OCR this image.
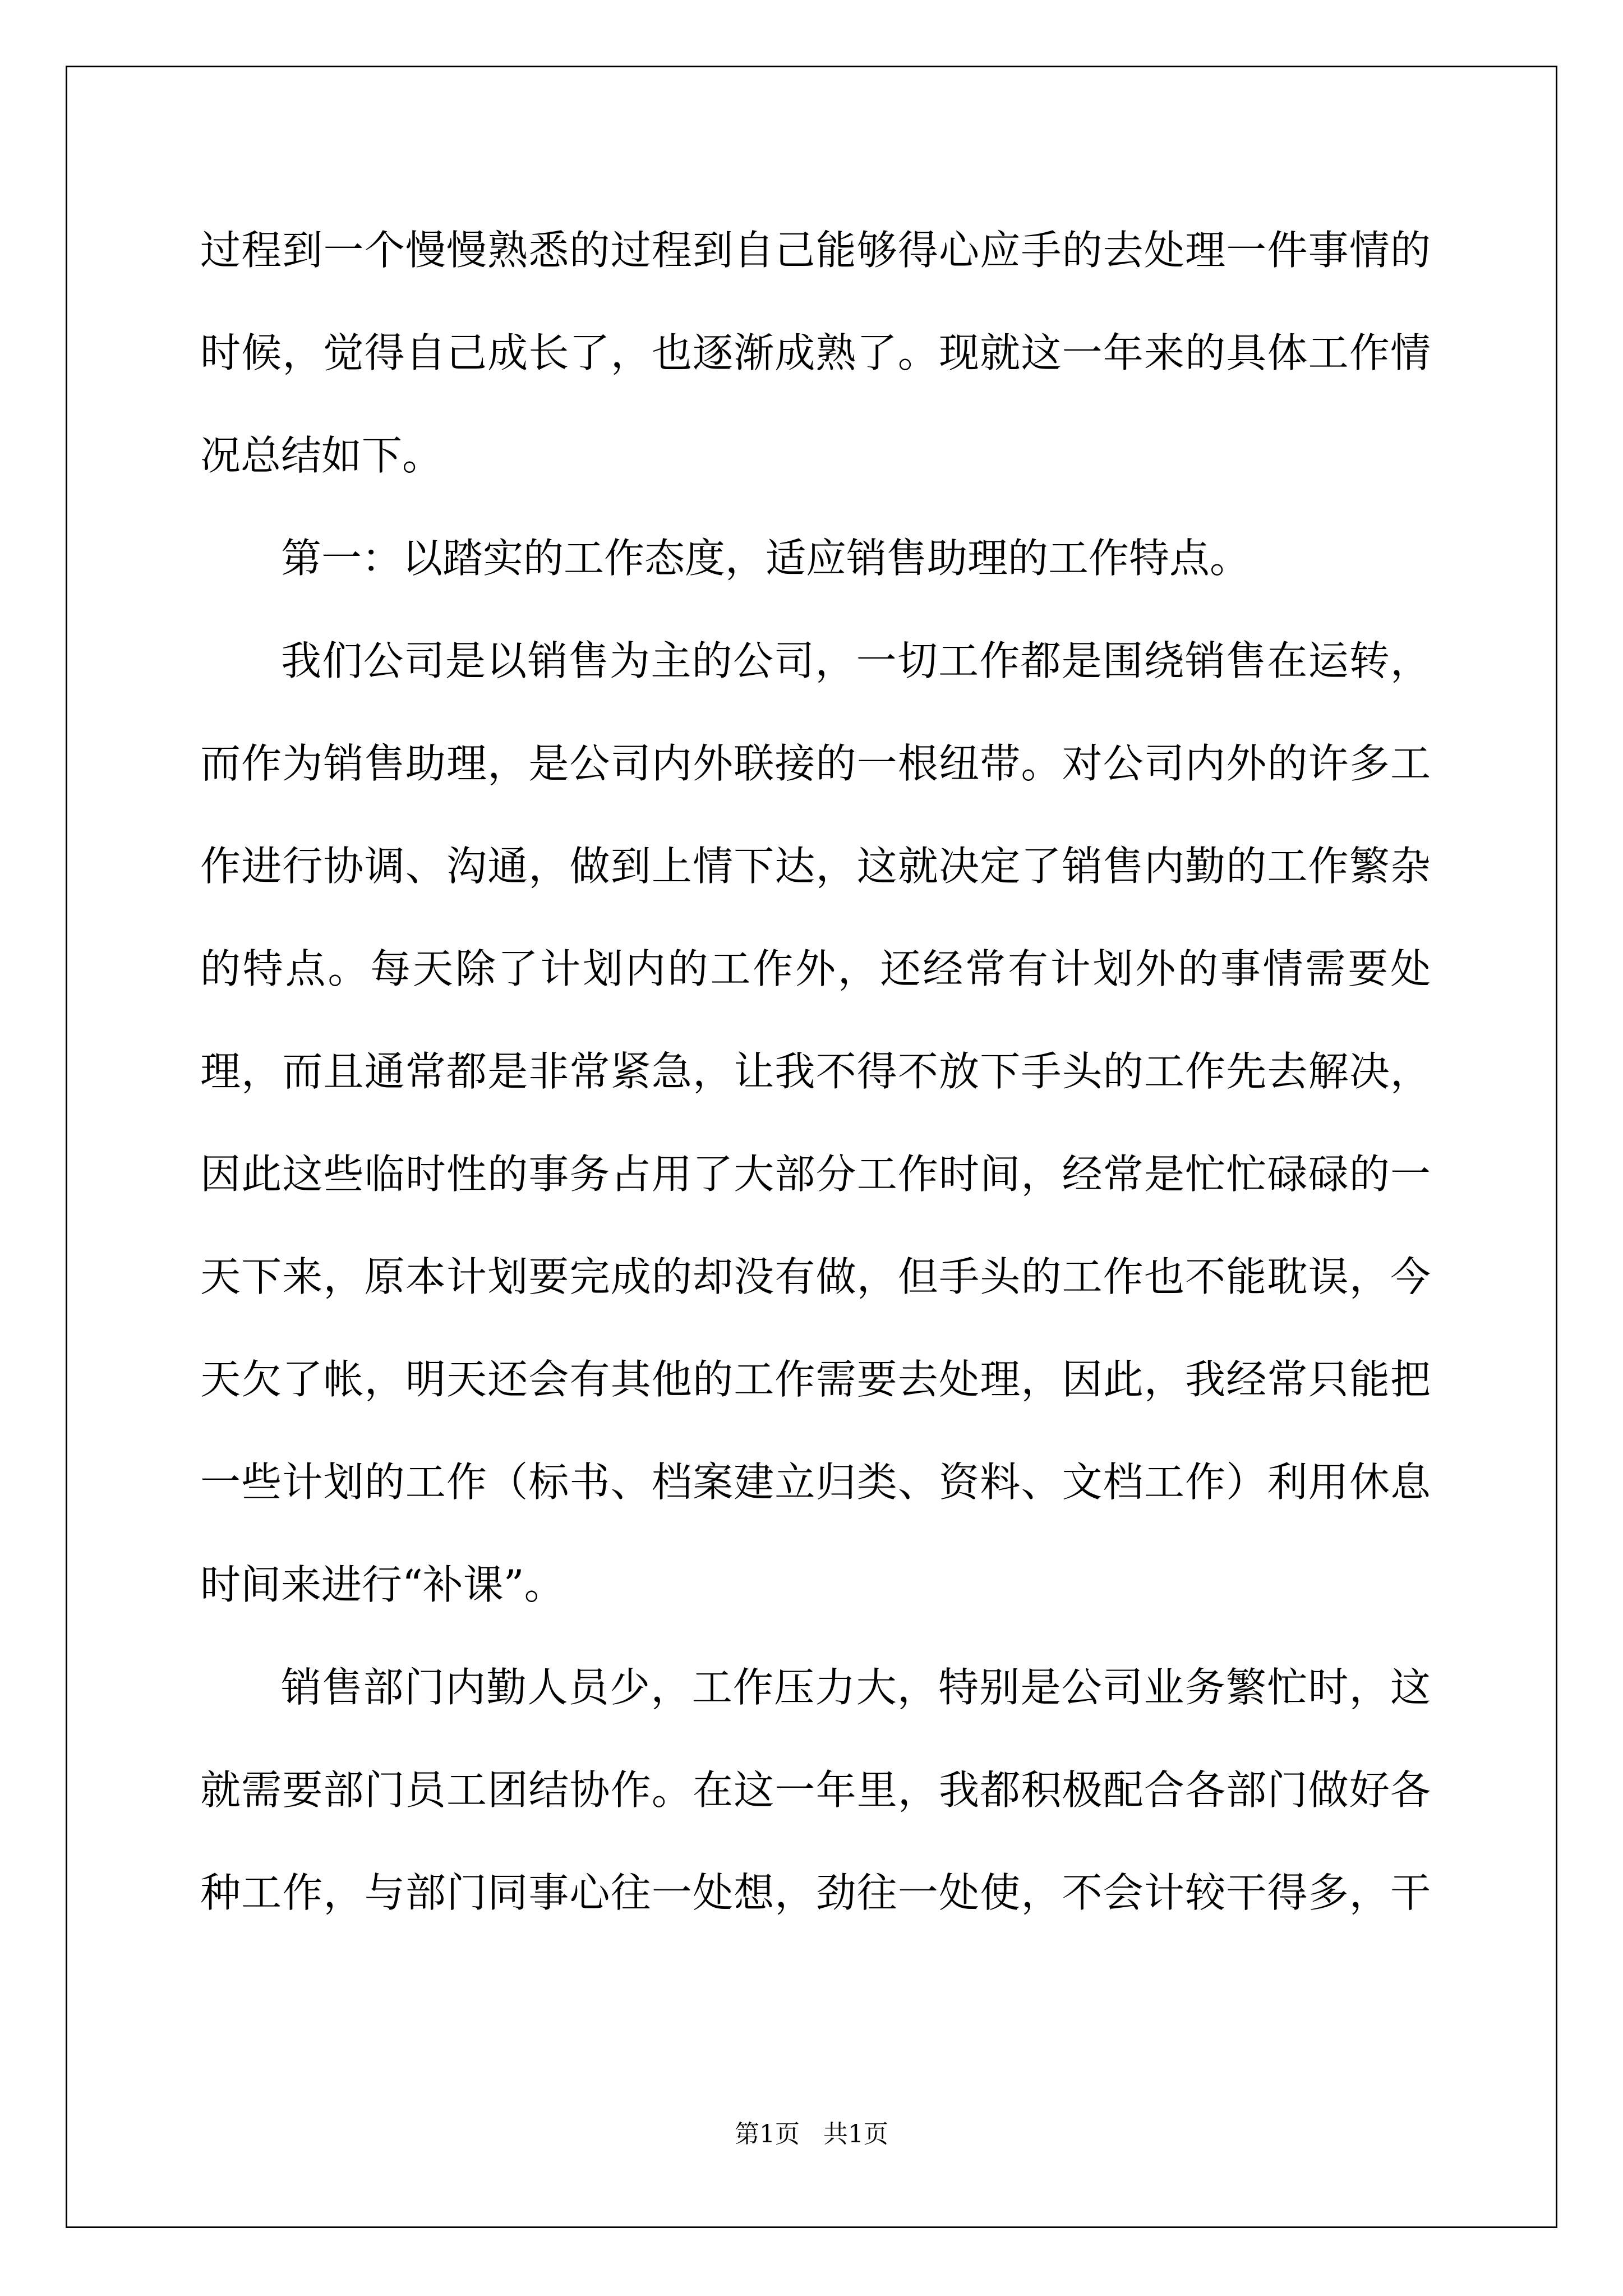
过程到一个慢慢熟悉的过程到自己能够得心应手的去处理一件事情的时候，觉得自己成长了，也逐渐成熟了。现就这一年来的具体工作情况总结如下。

第一：以踏实的工作态度，适应销售助理的工作特点。

我们公司是以销售为主的公司，一切工作都是围绕销售在运转，而作为销售助理，是公司内外联接的一根纽带。对公司内外的许多工作进行协调、沟通，做到上情下达，这就决定了销售内勤的工作繁杂的特点。每天除了计划内的工作外，还经常有计划外的事情需要处理，而且通常都是非常紧急，让我不得不放下手头的工作先去解决，因此这些临时性的事务占用了大部分工作时间，经常是忙忙碌碌的一天下来，原本计划要完成的却没有做，但手头的工作也不能耽误，今天欠了帐，明天还会有其他的工作需要去处理，因此，我经常只能把一些计划的工作（标书、档案建立归类、资料、文档工作）利用休息时间来进行“补课”。

销售部门内勤人员少，工作压力大，特别是公司业务繁忙时，这就需要部门员工团结协作。在这一年里，我都积极配合各部门做好各种工作，与部门同事心往一处想，劲往一处使，不会计较干得多，干

第1页   共1页
